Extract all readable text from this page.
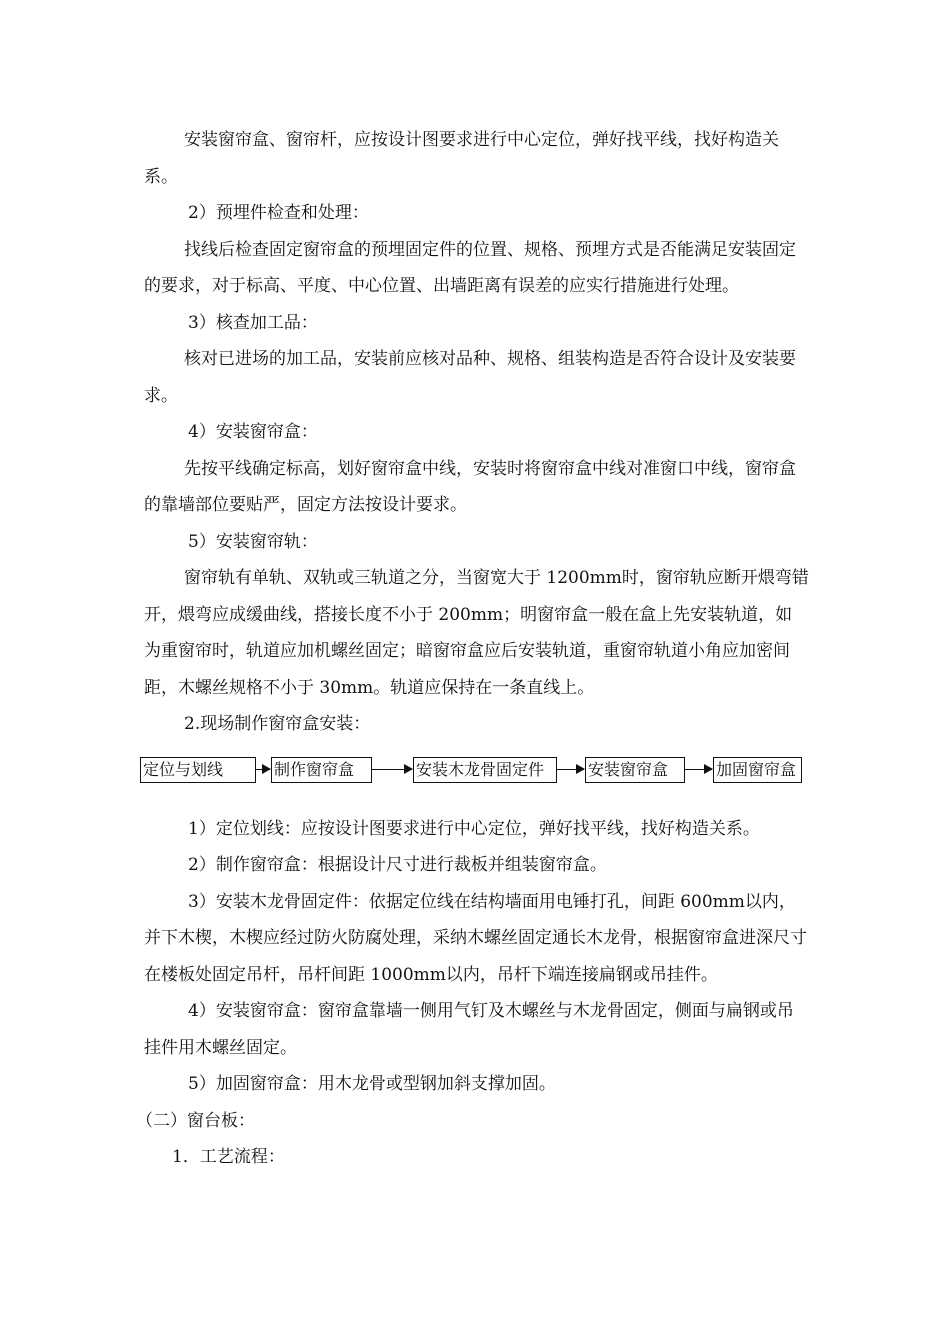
安装窗帘盒、窗帘杆，应按设计图要求进行中心定位，弹好找平线，找好构造关系。

2）预埋件检查和处理：

找线后检查固定窗帘盒的预埋固定件的位置、规格、预埋方式是否能满足安装固定的要求，对于标高、平度、中心位置、出墙距离有误差的应实行措施进行处理。

3）核查加工品：

核对已进场的加工品，安装前应核对品种、规格、组装构造是否符合设计及安装要求。

4）安装窗帘盒：

先按平线确定标高，划好窗帘盒中线，安装时将窗帘盒中线对准窗口中线，窗帘盒的靠墙部位要贴严，固定方法按设计要求。

5）安装窗帘轨：

窗帘轨有单轨、双轨或三轨道之分，当窗宽大于 1200mm时，窗帘轨应断开煨弯错开，煨弯应成缓曲线，搭接长度不小于 200mm；明窗帘盒一般在盒上先安装轨道，如为重窗帘时，轨道应加机螺丝固定；暗窗帘盒应后安装轨道，重窗帘轨道小角应加密间距，木螺丝规格不小于 30mm。轨道应保持在一条直线上。

2.现场制作窗帘盒安装：

定位与划线	制作窗帘盒	安装木龙骨固定件	安装窗帘盒	加固窗帘盒

1）定位划线：应按设计图要求进行中心定位，弹好找平线，找好构造关系。

2）制作窗帘盒：根据设计尺寸进行裁板并组装窗帘盒。

3）安装木龙骨固定件：依据定位线在结构墙面用电锤打孔，间距 600mm以内，并下木楔，木楔应经过防火防腐处理，采纳木螺丝固定通长木龙骨，根据窗帘盒进深尺寸在楼板处固定吊杆，吊杆间距 1000mm以内，吊杆下端连接扁钢或吊挂件。

4）安装窗帘盒：窗帘盒靠墙一侧用气钉及木螺丝与木龙骨固定，侧面与扁钢或吊挂件用木螺丝固定。

5）加固窗帘盒：用木龙骨或型钢加斜支撑加固。

（二）窗台板：

1．工艺流程：
